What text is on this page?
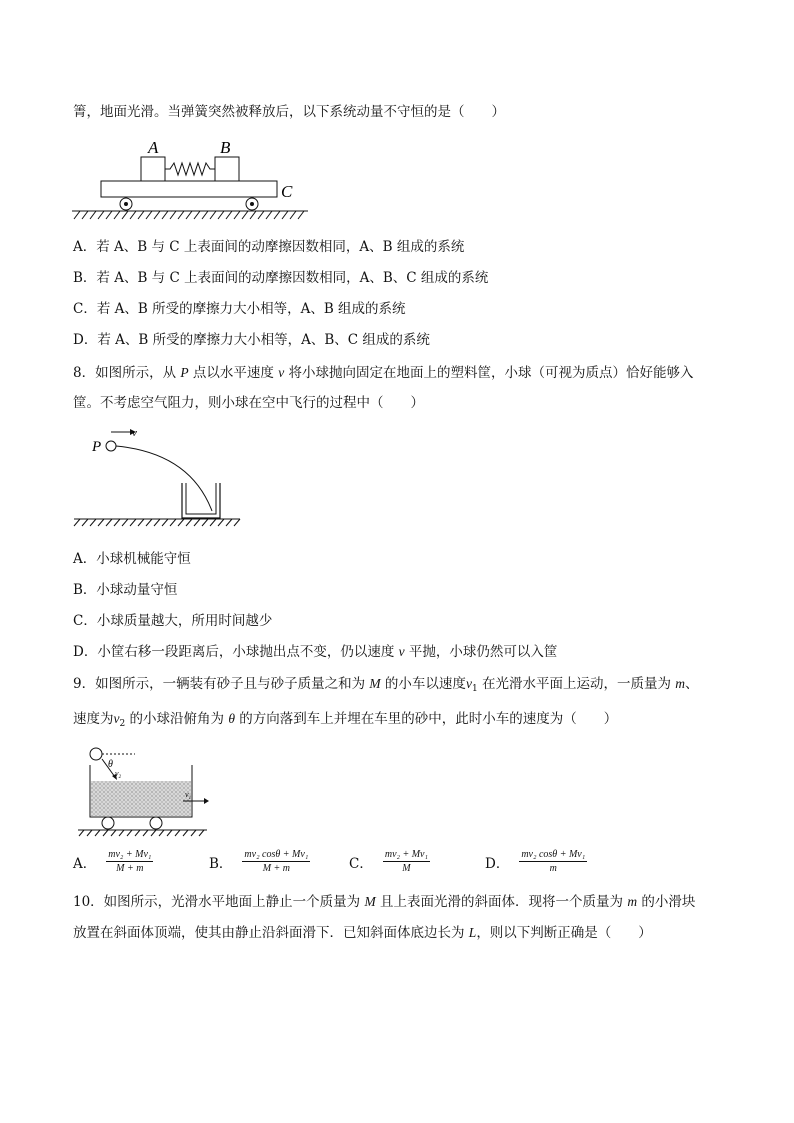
箐，地面光滑。当弹簧突然被释放后，以下系统动量不守恒的是（　　）
A	B
C
A．若 A、B 与 C 上表面间的动摩擦因数相同，A、B 组成的系统
B．若 A、B 与 C 上表面间的动摩擦因数相同，A、B、C 组成的系统
C．若 A、B 所受的摩擦力大小相等，A、B 组成的系统
D．若 A、B 所受的摩擦力大小相等，A、B、C 组成的系统
8．如图所示，从 P 点以水平速度 v 将小球抛向固定在地面上的塑料筐，小球（可视为质点）恰好能够入
筐。不考虑空气阻力，则小球在空中飞行的过程中（　　）
P
v
A．小球机械能守恒
B．小球动量守恒
C．小球质量越大，所用时间越少
D．小筐右移一段距离后，小球抛出点不变，仍以速度 v 平抛，小球仍然可以入筐
9．如图所示，一辆装有砂子且与砂子质量之和为 M 的小车以速度$v_1$ 在光滑水平面上运动，一质量为 m、
速度为$v_2$ 的小球沿俯角为 θ 的方向落到车上并埋在车里的砂中，此时小车的速度为（　　）
θ
$v_2$
$v_1$
A． $\frac{\text{mv₂ + Mv₁}}{M + m}$	B． $\frac{\text{mv₂ cosθ + Mv₁}}{M + m}$	C． $\frac{\text{mv₂ + Mv₁}}{M}$	D． $\frac{\text{mv₂ cosθ + Mv₁}}{m}$
10．如图所示，光滑水平地面上静止一个质量为 M 且上表面光滑的斜面体．现将一个质量为 m 的小滑块
放置在斜面体顶端，使其由静止沿斜面滑下．已知斜面体底边长为 L，则以下判断正确是（　　）
